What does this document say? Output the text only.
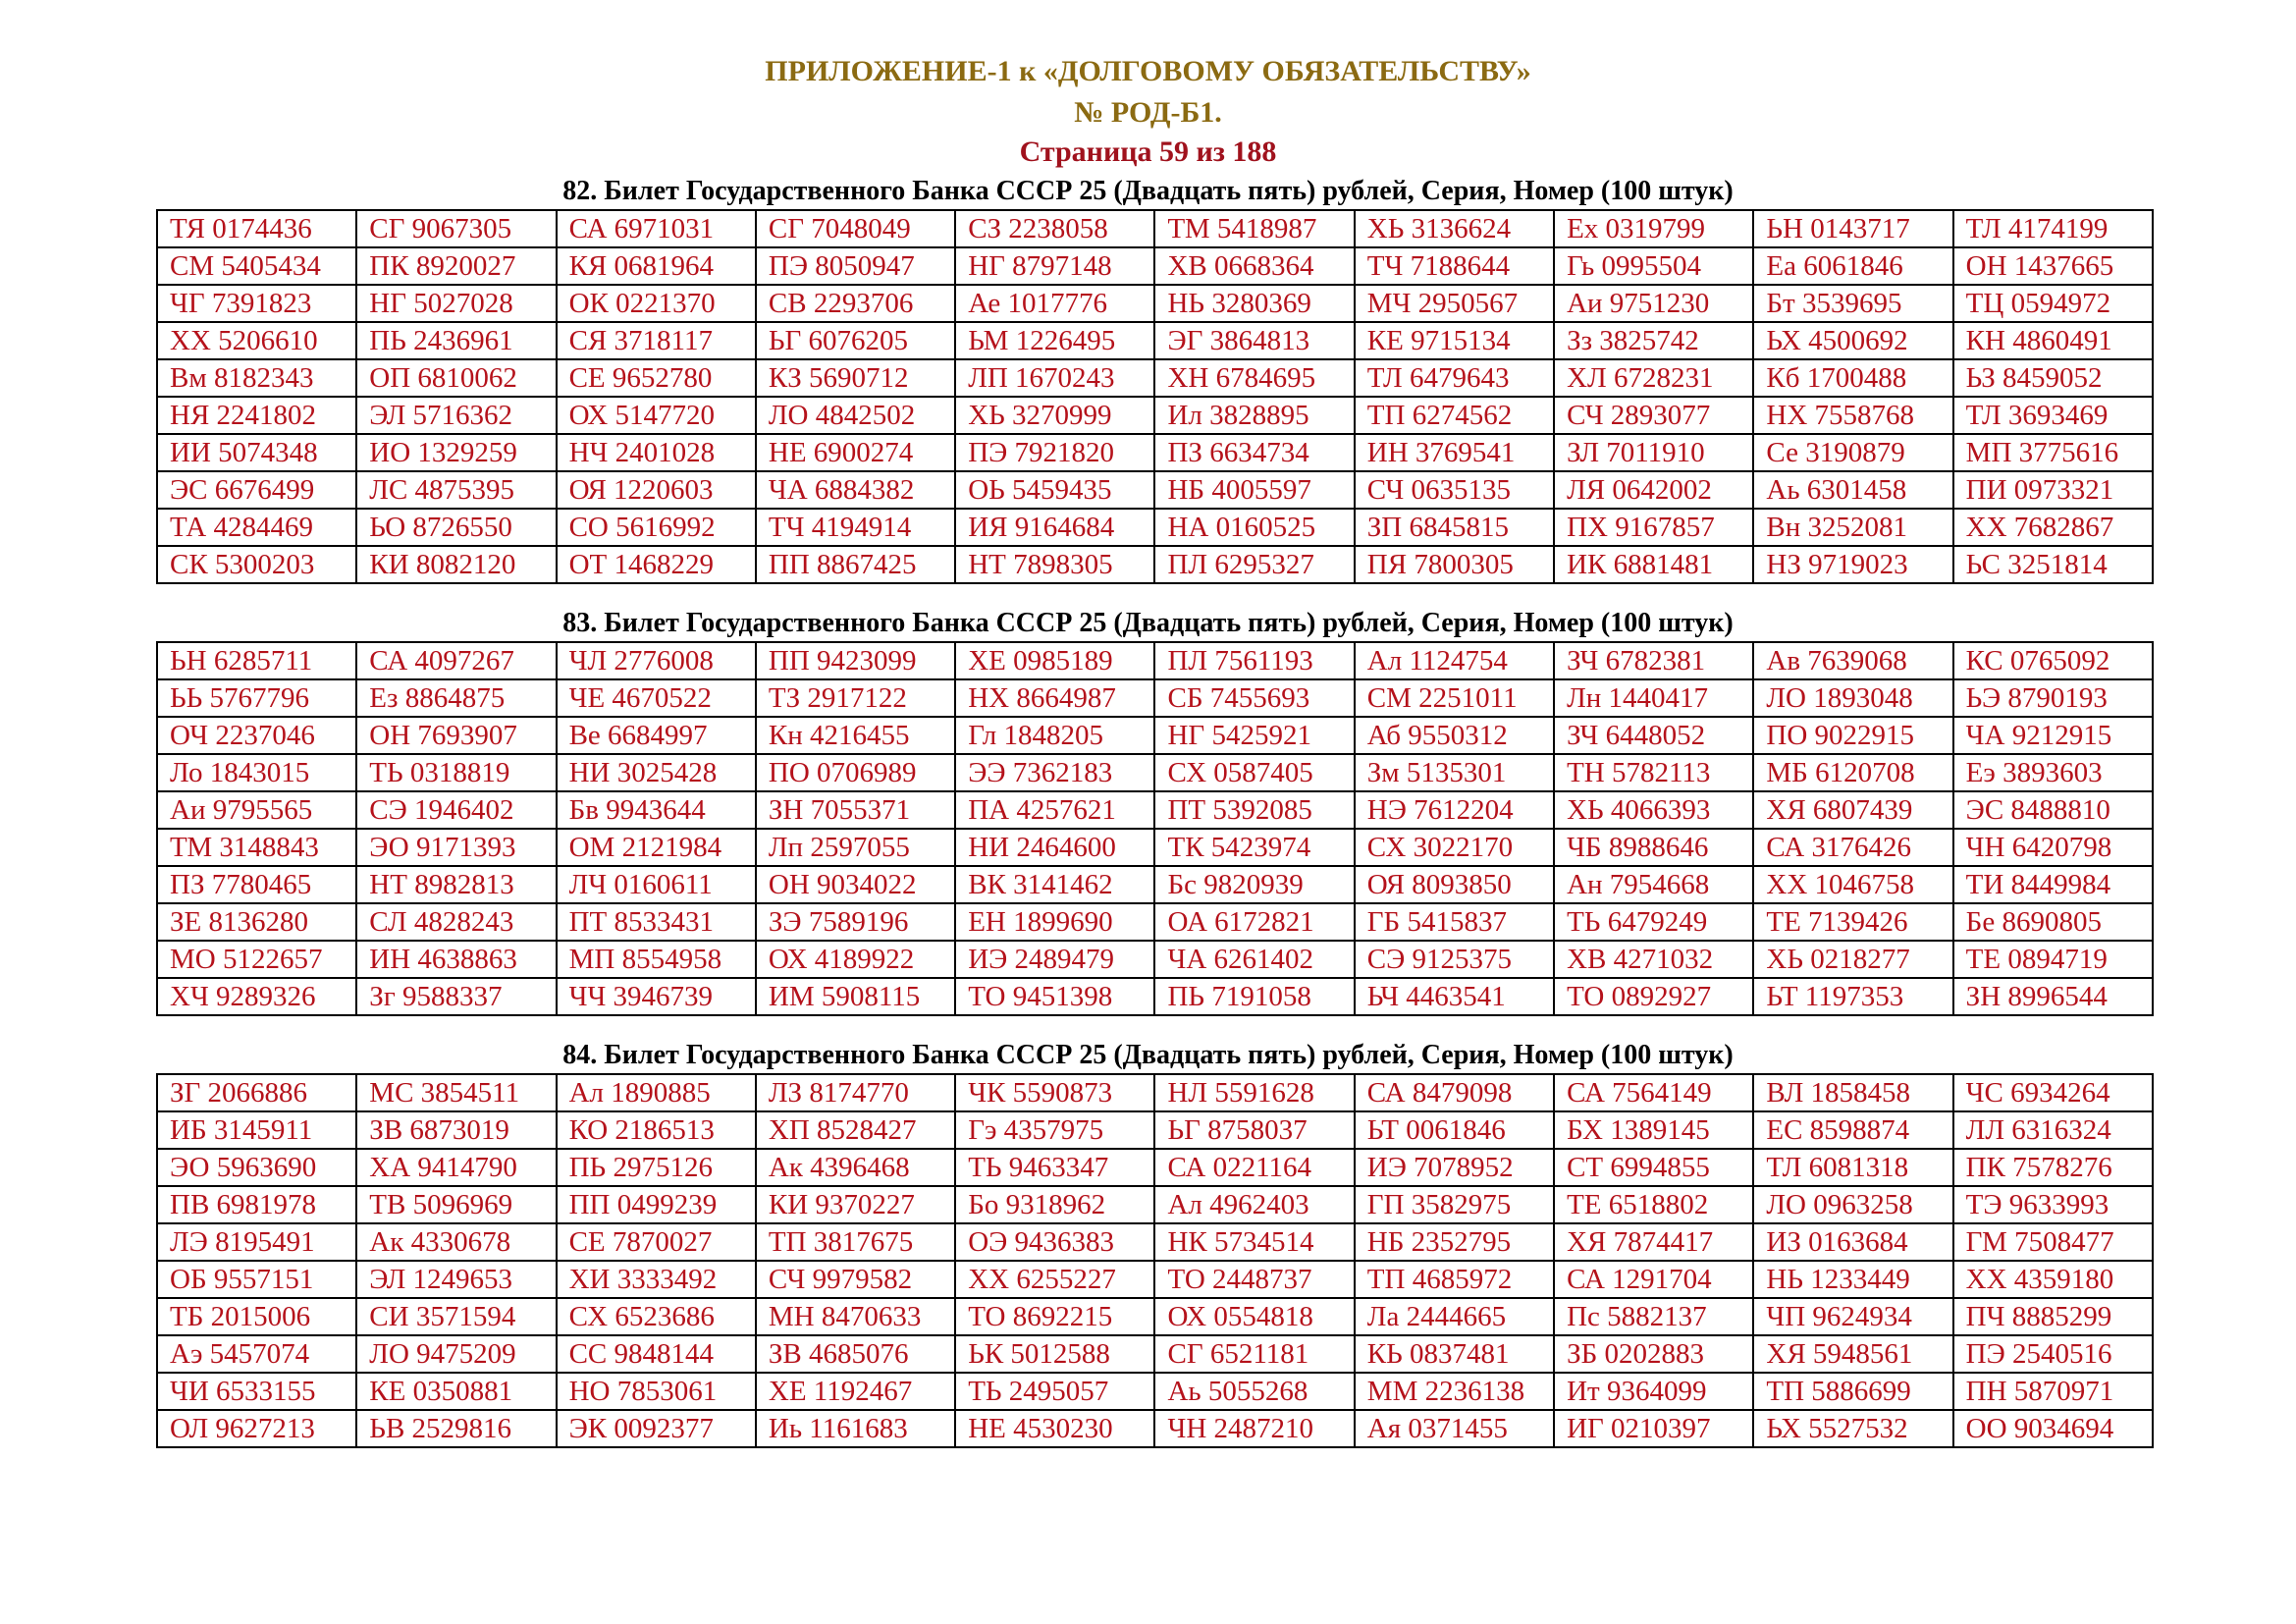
ПРИЛОЖЕНИЕ-1 к «ДОЛГОВОМУ ОБЯЗАТЕЛЬСТВУ»
№ РОД-Б1.
Страница 59 из 188
82. Билет Государственного Банка СССР 25 (Двадцать пять) рублей, Серия, Номер (100 штук)
ТЯ 0174436	СГ 9067305	СА 6971031	СГ 7048049	СЗ 2238058	ТМ 5418987	ХЬ 3136624	Ех 0319799	ЬН 0143717	ТЛ 4174199
СМ 5405434	ПК 8920027	КЯ 0681964	ПЭ 8050947	НГ 8797148	ХВ 0668364	ТЧ 7188644	Гь 0995504	Еа 6061846	ОН 1437665
ЧГ 7391823	НГ 5027028	ОК 0221370	СВ 2293706	Ае 1017776	НЬ 3280369	МЧ 2950567	Аи 9751230	Бт 3539695	ТЦ 0594972
ХХ 5206610	ПЬ 2436961	СЯ 3718117	ЬГ 6076205	ЬМ 1226495	ЭГ 3864813	КЕ 9715134	Зз 3825742	ЬХ 4500692	КН 4860491
Вм 8182343	ОП 6810062	СЕ 9652780	КЗ 5690712	ЛП 1670243	ХН 6784695	ТЛ 6479643	ХЛ 6728231	Кб 1700488	ЬЗ 8459052
НЯ 2241802	ЭЛ 5716362	ОХ 5147720	ЛО 4842502	ХЬ 3270999	Ил 3828895	ТП 6274562	СЧ 2893077	НХ 7558768	ТЛ 3693469
ИИ 5074348	ИО 1329259	НЧ 2401028	НЕ 6900274	ПЭ 7921820	ПЗ 6634734	ИН 3769541	ЗЛ 7011910	Се 3190879	МП 3775616
ЭС 6676499	ЛС 4875395	ОЯ 1220603	ЧА 6884382	ОЬ 5459435	НБ 4005597	СЧ 0635135	ЛЯ 0642002	Аь 6301458	ПИ 0973321
ТА 4284469	ЬО 8726550	СО 5616992	ТЧ 4194914	ИЯ 9164684	НА 0160525	ЗП 6845815	ПХ 9167857	Вн 3252081	ХХ 7682867
СК 5300203	КИ 8082120	ОТ 1468229	ПП 8867425	НТ 7898305	ПЛ 6295327	ПЯ 7800305	ИК 6881481	НЗ 9719023	ЬС 3251814
83. Билет Государственного Банка СССР 25 (Двадцать пять) рублей, Серия, Номер (100 штук)
ЬН 6285711	СА 4097267	ЧЛ 2776008	ПП 9423099	ХЕ 0985189	ПЛ 7561193	Ал 1124754	ЗЧ 6782381	Ав 7639068	КС 0765092
ЬЬ 5767796	Ез 8864875	ЧЕ 4670522	ТЗ 2917122	НХ 8664987	СБ 7455693	СМ 2251011	Лн 1440417	ЛО 1893048	ЬЭ 8790193
ОЧ 2237046	ОН 7693907	Ве 6684997	Кн 4216455	Гл 1848205	НГ 5425921	Аб 9550312	ЗЧ 6448052	ПО 9022915	ЧА 9212915
Ло 1843015	ТЬ 0318819	НИ 3025428	ПО 0706989	ЭЭ 7362183	СХ 0587405	Зм 5135301	ТН 5782113	МБ 6120708	Еэ 3893603
Аи 9795565	СЭ 1946402	Бв 9943644	ЗН 7055371	ПА 4257621	ПТ 5392085	НЭ 7612204	ХЬ 4066393	ХЯ 6807439	ЭС 8488810
ТМ 3148843	ЭО 9171393	ОМ 2121984	Лп 2597055	НИ 2464600	ТК 5423974	СХ 3022170	ЧБ 8988646	СА 3176426	ЧН 6420798
ПЗ 7780465	НТ 8982813	ЛЧ 0160611	ОН 9034022	ВК 3141462	Бс 9820939	ОЯ 8093850	Ан 7954668	ХХ 1046758	ТИ 8449984
ЗЕ 8136280	СЛ 4828243	ПТ 8533431	ЗЭ 7589196	ЕН 1899690	ОА 6172821	ГБ 5415837	ТЬ 6479249	ТЕ 7139426	Бе 8690805
МО 5122657	ИН 4638863	МП 8554958	ОХ 4189922	ИЭ 2489479	ЧА 6261402	СЭ 9125375	ХВ 4271032	ХЬ 0218277	ТЕ 0894719
ХЧ 9289326	Зг 9588337	ЧЧ 3946739	ИМ 5908115	ТО 9451398	ПЬ 7191058	ЬЧ 4463541	ТО 0892927	ЬТ 1197353	ЗН 8996544
84. Билет Государственного Банка СССР 25 (Двадцать пять) рублей, Серия, Номер (100 штук)
ЗГ 2066886	МС 3854511	Ал 1890885	ЛЗ 8174770	ЧК 5590873	НЛ 5591628	СА 8479098	СА 7564149	ВЛ 1858458	ЧС 6934264
ИБ 3145911	ЗВ 6873019	КО 2186513	ХП 8528427	Гэ 4357975	ЬГ 8758037	ЬТ 0061846	БХ 1389145	ЕС 8598874	ЛЛ 6316324
ЭО 5963690	ХА 9414790	ПЬ 2975126	Ак 4396468	ТЬ 9463347	СА 0221164	ИЭ 7078952	СТ 6994855	ТЛ 6081318	ПК 7578276
ПВ 6981978	ТВ 5096969	ПП 0499239	КИ 9370227	Бо 9318962	Ал 4962403	ГП 3582975	ТЕ 6518802	ЛО 0963258	ТЭ 9633993
ЛЭ 8195491	Ак 4330678	СЕ 7870027	ТП 3817675	ОЭ 9436383	НК 5734514	НБ 2352795	ХЯ 7874417	ИЗ 0163684	ГМ 7508477
ОБ 9557151	ЭЛ 1249653	ХИ 3333492	СЧ 9979582	ХХ 6255227	ТО 2448737	ТП 4685972	СА 1291704	НЬ 1233449	ХХ 4359180
ТБ 2015006	СИ 3571594	СХ 6523686	МН 8470633	ТО 8692215	ОХ 0554818	Ла 2444665	Пс 5882137	ЧП 9624934	ПЧ 8885299
Аэ 5457074	ЛО 9475209	СС 9848144	ЗВ 4685076	ЬК 5012588	СГ 6521181	КЬ 0837481	ЗБ 0202883	ХЯ 5948561	ПЭ 2540516
ЧИ 6533155	КЕ 0350881	НО 7853061	ХЕ 1192467	ТЬ 2495057	Аь 5055268	ММ 2236138	Ит 9364099	ТП 5886699	ПН 5870971
ОЛ 9627213	ЬВ 2529816	ЭК 0092377	Иь 1161683	НЕ 4530230	ЧН 2487210	Ая 0371455	ИГ 0210397	ЬХ 5527532	ОО 9034694
